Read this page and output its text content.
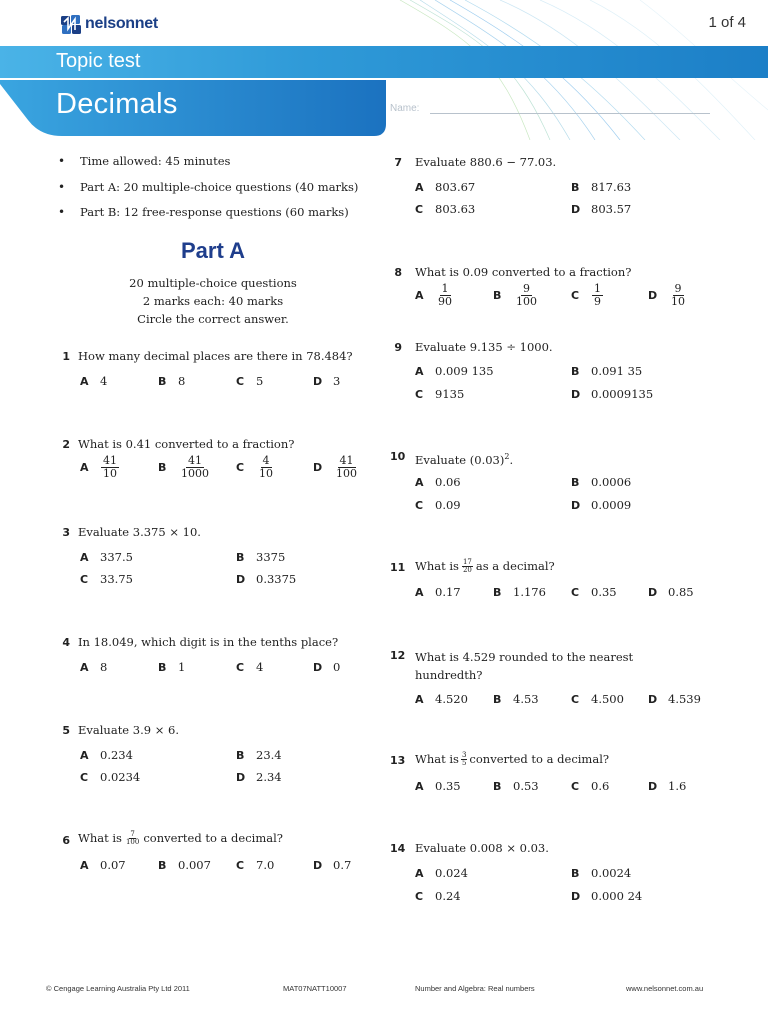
nelsonnet	1 of 4
Topic test
Decimals	Name:
• Time allowed: 45 minutes
• Part A: 20 multiple-choice questions (40 marks)
• Part B: 12 free-response questions (60 marks)
Part A
20 multiple-choice questions
2 marks each: 40 marks
Circle the correct answer.
1 How many decimal places are there in 78.484?
A 4	B	8	C	5	D 3
2 What is 0.41 converted to a fraction?
A	$\frac{41}{10}$	B	$\frac{41}{1000}$ C	$\frac{4}{10}$	D	$\frac{41}{100}$
3 Evaluate 3.375 × 10.
A 337.5	B	3375
C	33.75	D 0.3375
4 In 18.049, which digit is in the tenths place?
A 8	B	1	C	4	D 0
5 Evaluate 3.9 × 6.
A 0.234	B	23.4
C	0.0234	D 2.34
6 What is $\frac{7}{100}$ converted to a decimal?
A 0.07	B	0.007 C	7.0	D 0.7
7 Evaluate 880.6 − 77.03.
A 803.67	B	817.63
C	803.63	D 803.57
8 What is 0.09 converted to a fraction?
A	$\frac{1}{90}$	B	$\frac{9}{100}$	C	$\frac{1}{9}$	D	$\frac{9}{10}$
9 Evaluate 9.135 ÷ 1000.
A 0.009 135	B	0.091 35
C	9135	D 0.0009135
10 Evaluate $(0.03)^2$.
A 0.06	B	0.0006
C	0.09	D 0.0009
11 What is $\frac{17}{20}$ as a decimal?
A 0.17	B	1.176 C	0.35	D 0.85
12 What is 4.529 rounded to the nearest hundredth?
A 4.520 B	4.53	C	4.500 D 4.539
13 What is $\frac{3}{5}$ converted to a decimal?
A 0.35	B	0.53	C	0.6	D 1.6
14 Evaluate 0.008 × 0.03.
A 0.024	B	0.0024
C	0.24	D 0.000 24
© Cengage Learning Australia Pty Ltd 2011	MAT07NATT10007	Number and Algebra: Real numbers	www.nelsonnet.com.au
